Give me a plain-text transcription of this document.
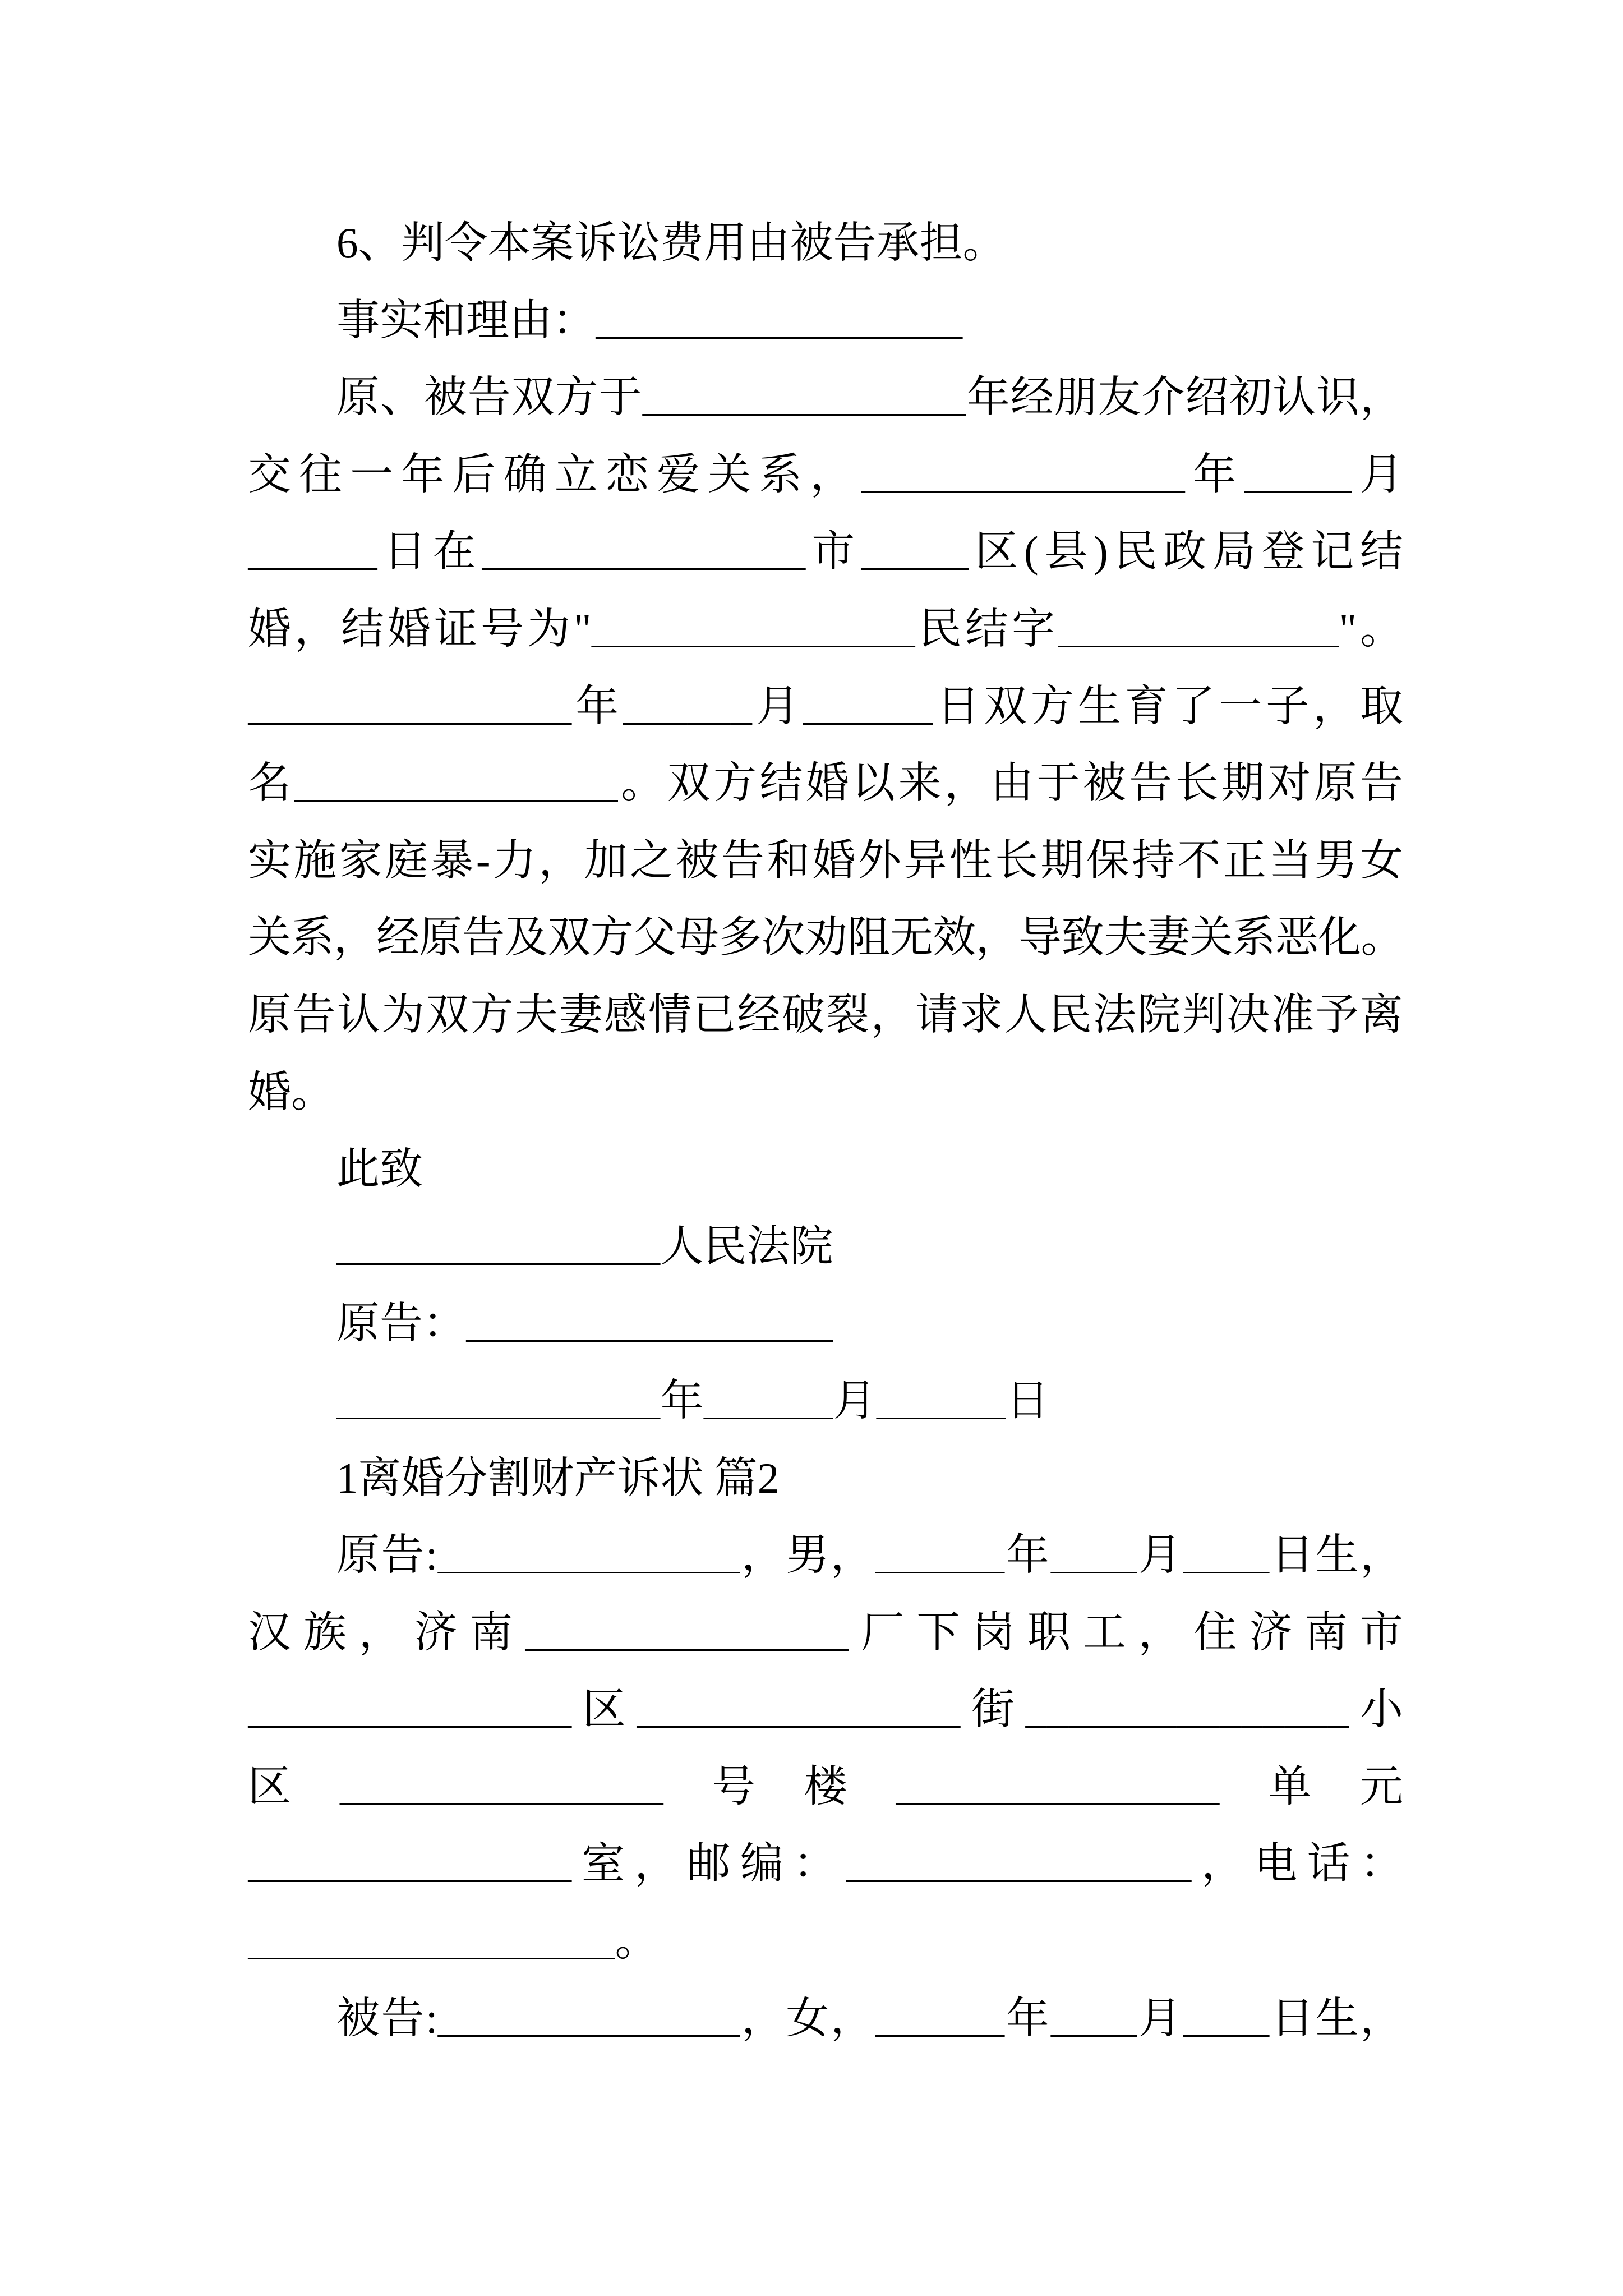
6、判令本案诉讼费用由被告承担。
事实和理由：_________________
原、被告双方于_______________年经朋友介绍初认识，
交往一年后确立恋爱关系，_______________年_____月
______日在_______________市_____区(县)民政局登记结
婚，结婚证号为"_______________民结字_____________"。
_______________年______月______日双方生育了一子，取
名_______________。双方结婚以来，由于被告长期对原告
实施家庭暴-力，加之被告和婚外异性长期保持不正当男女
关系，经原告及双方父母多次劝阻无效，导致夫妻关系恶化。
原告认为双方夫妻感情已经破裂，请求人民法院判决准予离
婚。
此致
_______________人民法院
原告：_________________
_______________年______月______日
1离婚分割财产诉状 篇2
原告:______________，男，______年____月____日生，
汉族，济南_______________厂下岗职工，住济南市
_______________区_______________街_______________小
区_______________号楼_______________单元
_______________室，邮编：________________，电话：
_________________。
被告:______________，女，______年____月____日生，
